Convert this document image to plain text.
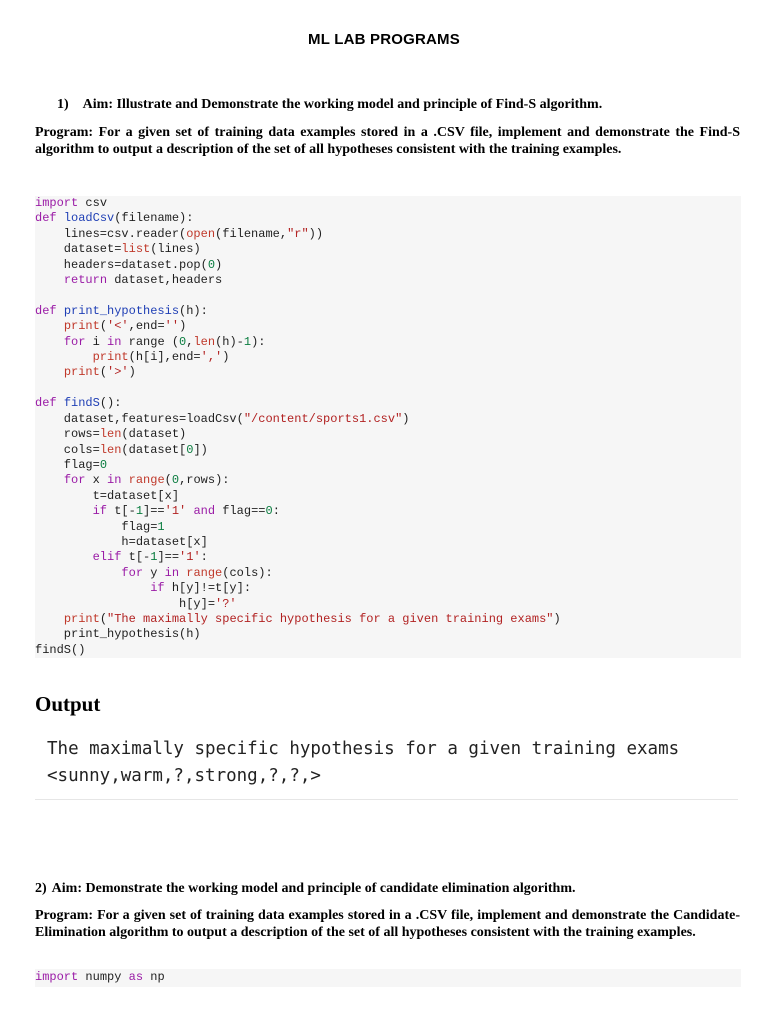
ML LAB PROGRAMS
1) Aim: Illustrate and Demonstrate the working model and principle of Find-S algorithm.
Program: For a given set of training data examples stored in a .CSV file, implement and demonstrate the Find-S algorithm to output a description of the set of all hypotheses consistent with the training examples.
import csv
def loadCsv(filename):
lines=csv.reader(open(filename,"r"))
dataset=list(lines)
headers=dataset.pop(0)
return dataset,headers

def print_hypothesis(h):
print('<',end='')
for i in range (0,len(h)-1):
print(h[i],end=',')
print('>')

def findS():
dataset,features=loadCsv("/content/sports1.csv")
rows=len(dataset)
cols=len(dataset[0])
flag=0
for x in range(0,rows):
t=dataset[x]
if t[-1]=='1' and flag==0:
flag=1
h=dataset[x]
elif t[-1]=='1':
for y in range(cols):
if h[y]!=t[y]:
h[y]='?'
print("The maximally specific hypothesis for a given training exams")
print_hypothesis(h)
findS()
Output
The maximally specific hypothesis for a given training exams
<sunny,warm,?,strong,?,?,>
2) Aim: Demonstrate the working model and principle of candidate elimination algorithm.
Program: For a given set of training data examples stored in a .CSV file, implement and demonstrate the Candidate-Elimination algorithm to output a description of the set of all hypotheses consistent with the training examples.
import numpy as np
